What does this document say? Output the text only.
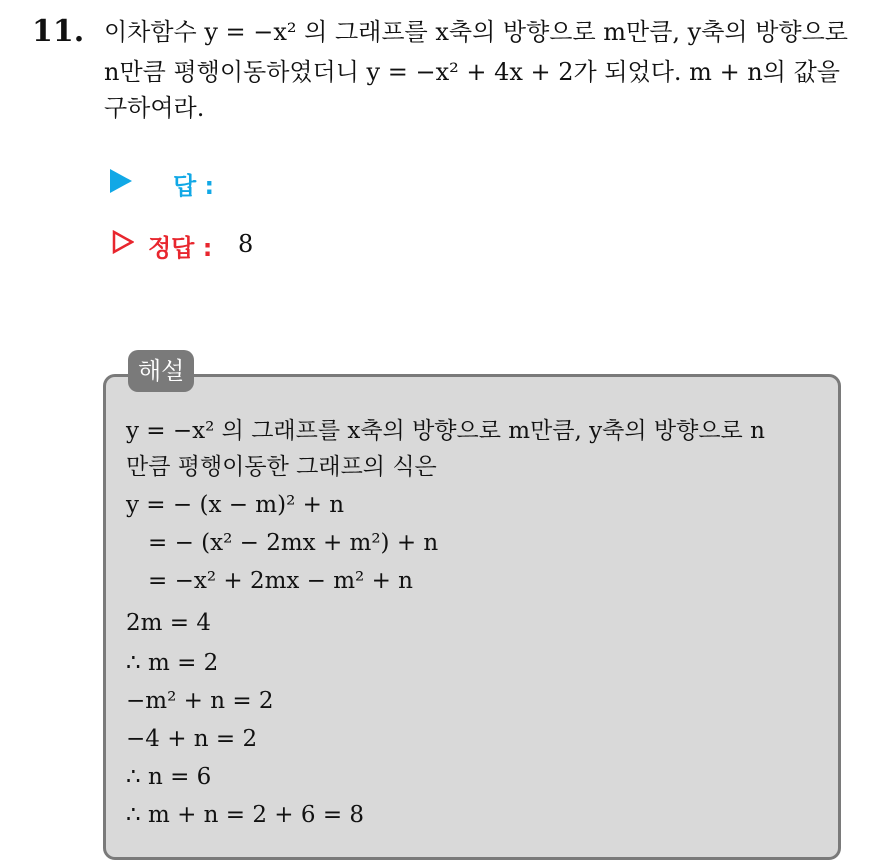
11. 이차함수 y = −x² 의 그래프를 x축의 방향으로 m만큼, y축의 방향으로
n만큼 평행이동하였더니 y = −x² + 4x + 2가 되었다. m + n의 값을
구하여라.
답 :
정답 : 8
해설
y = −x² 의 그래프를 x축의 방향으로 m만큼, y축의 방향으로 n
만큼 평행이동한 그래프의 식은
y = − (x − m)² + n
= − (x² − 2mx + m²) + n
= −x² + 2mx − m² + n
2m = 4
∴ m = 2
−m² + n = 2
−4 + n = 2
∴ n = 6
∴ m + n = 2 + 6 = 8
